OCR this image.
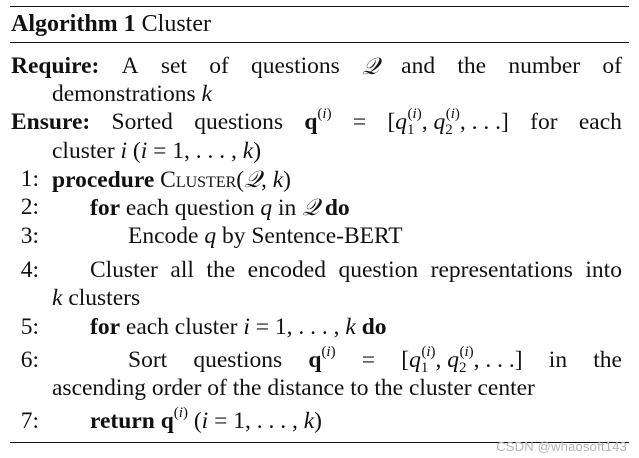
Algorithm 1 Cluster
Require: A set of questions 𝒬 and the number of
demonstrations k
Ensure: Sorted questions $q^{(i)} = [q_1^{(i)}$, $q_2^{(i)}$, . . .] for each
cluster i (i = 1, . . . , k)
1: procedure Cluster(𝒬, k)
2: for each question q in 𝒬 do
3:	Encode q by Sentence-BERT
4: Cluster all the encoded question representations into
k clusters
5: for each cluster i = 1, . . . , k do
6:	Sort questions $q^{(i)} = [q_1^{(i)}$, $q_2^{(i)}$, . . .] in the
ascending order of the distance to the cluster center
7: return $q^{(i)}$ (i = 1, . . . , k)
CSDN @whaosoft143
